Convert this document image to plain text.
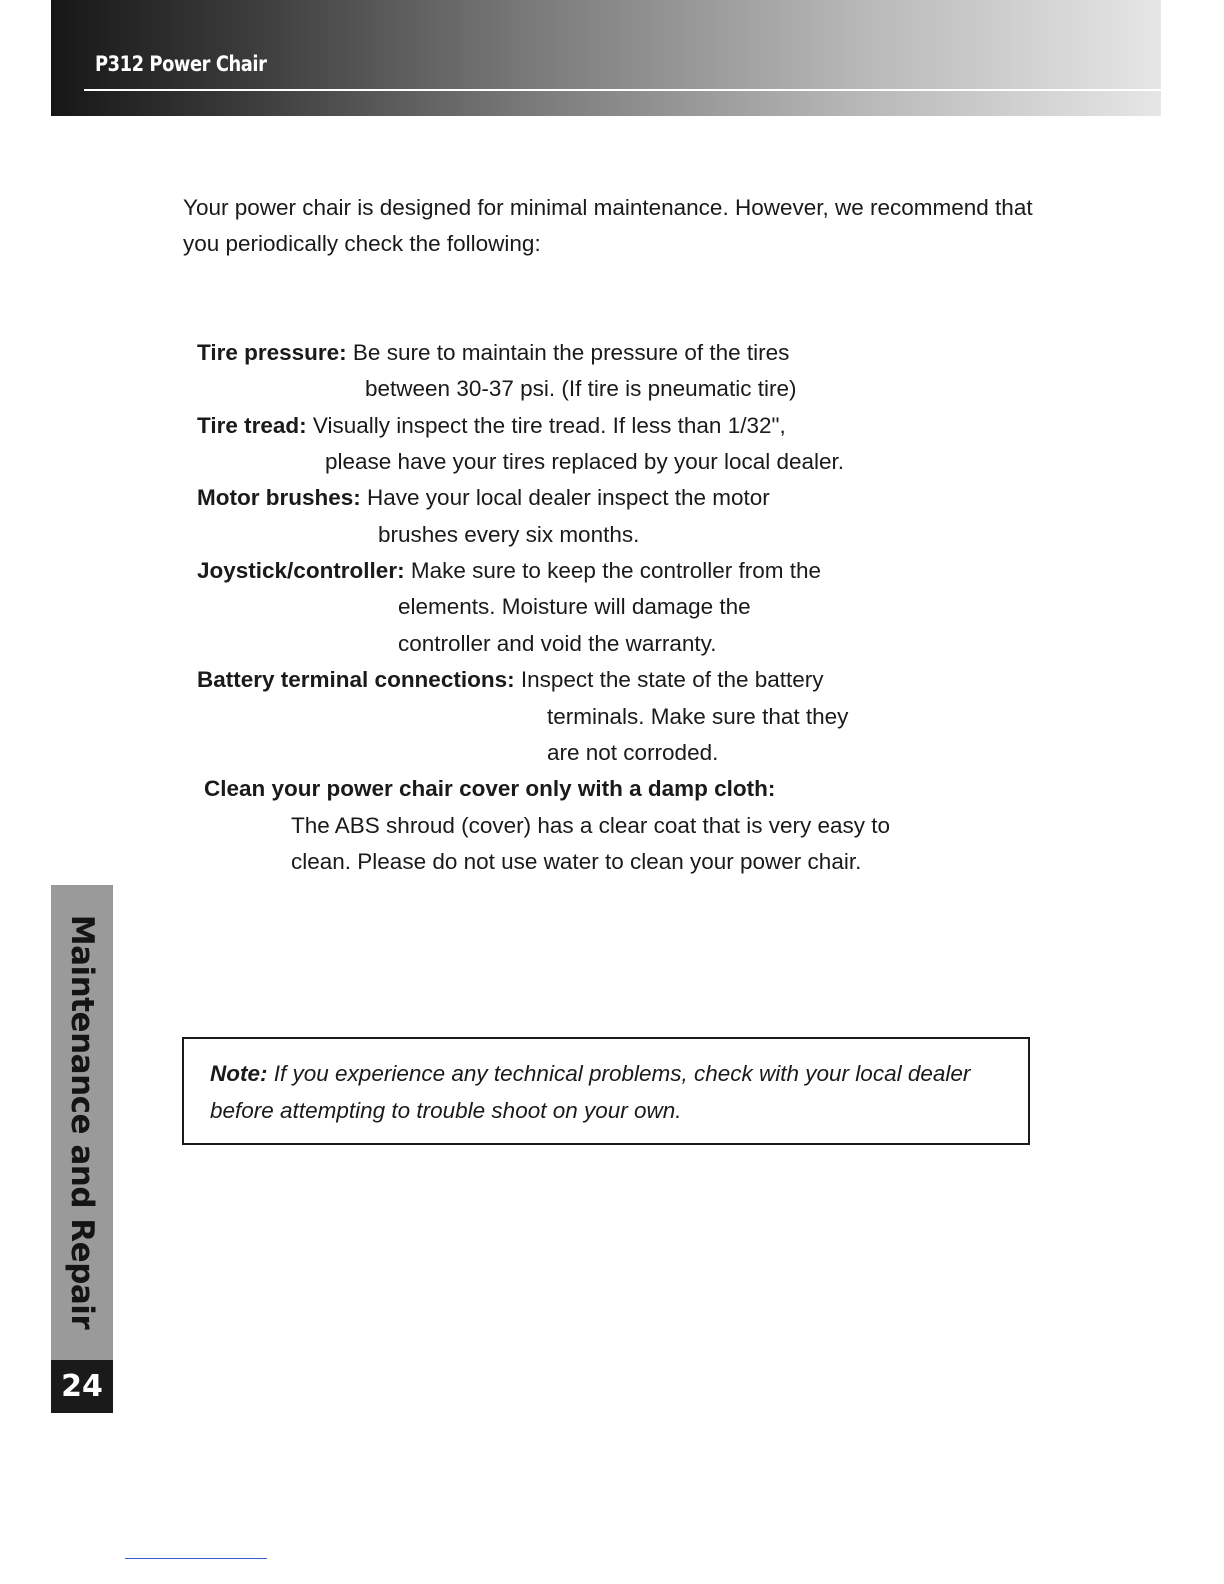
P312 Power Chair

Your power chair is designed for minimal maintenance. However, we recommend that you periodically check the following:

Tire pressure: Be sure to maintain the pressure of the tires
between 30-37 psi. (If tire is pneumatic tire)
Tire tread: Visually inspect the tire tread. If less than 1/32",
please have your tires replaced by your local dealer.
Motor brushes: Have your local dealer inspect the motor
brushes every six months.
Joystick/controller: Make sure to keep the controller from the
elements. Moisture will damage the
controller and void the warranty.
Battery terminal connections: Inspect the state of the battery
terminals. Make sure that they
are not corroded.
Clean your power chair cover only with a damp cloth:
The ABS shroud (cover) has a clear coat that is very easy to
clean. Please do not use water to clean your power chair.
Maintenance and Repair
24

Note: If you experience any technical problems, check with your local dealer before attempting to trouble shoot on your own.
